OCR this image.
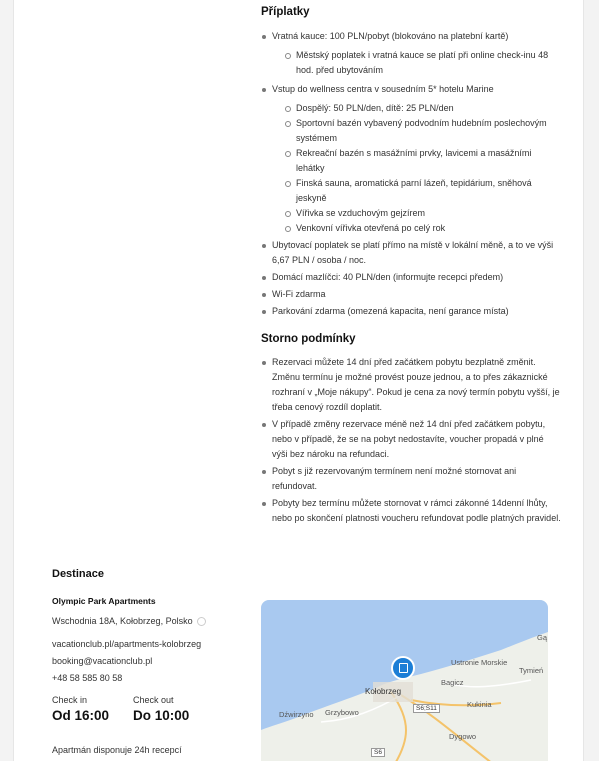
Příplatky
Vratná kauce: 100 PLN/pobyt (blokováno na platební kartě)
Městský poplatek i vratná kauce se platí při online check-inu 48 hod. před ubytováním
Vstup do wellness centra v sousedním 5* hotelu Marine
Dospělý: 50 PLN/den, dítě: 25 PLN/den
Sportovní bazén vybavený podvodním hudebním poslechovým systémem
Rekreační bazén s masážními prvky, lavicemi a masážními lehátky
Finská sauna, aromatická parní lázeň, tepidárium, sněhová jeskyně
Vířivka se vzduchovým gejzírem
Venkovní vířivka otevřená po celý rok
Ubytovací poplatek se platí přímo na místě v lokální měně, a to ve výši 6,67 PLN / osoba / noc.
Domácí mazlíčci: 40 PLN/den (informujte recepci předem)
Wi-Fi zdarma
Parkování zdarma (omezená kapacita, není garance místa)
Storno podmínky
Rezervaci můžete 14 dní před začátkem pobytu bezplatně změnit. Změnu termínu je možné provést pouze jednou, a to přes zákaznické rozhraní v „Moje nákupy“. Pokud je cena za nový termín pobytu vyšší, je třeba cenový rozdíl doplatit.
V případě změny rezervace méně než 14 dní před začátkem pobytu, nebo v případě, že se na pobyt nedostavíte, voucher propadá v plné výši bez nároku na refundaci.
Pobyt s již rezervovaným termínem není možné stornovat ani refundovat.
Pobyty bez termínu můžete stornovat v rámci zákonné 14denní lhůty, nebo po skončení platnosti voucheru refundovat podle platných pravidel.
Destinace
Olympic Park Apartments
Wschodnia 18A, Kołobrzeg, Polsko
vacationclub.pl/apartments-kolobrzeg
booking@vacationclub.pl
+48 58 585 80 58
Check in
Od 16:00
Check out
Do 10:00
Apartmán disponuje 24h recepcí
Kołobrzeg
Ustronie Morskie
Tymień
Bagicz
Kukinia
Dźwirzyno Grzybowo
Dygowo
Gą
S6;S11
S6
